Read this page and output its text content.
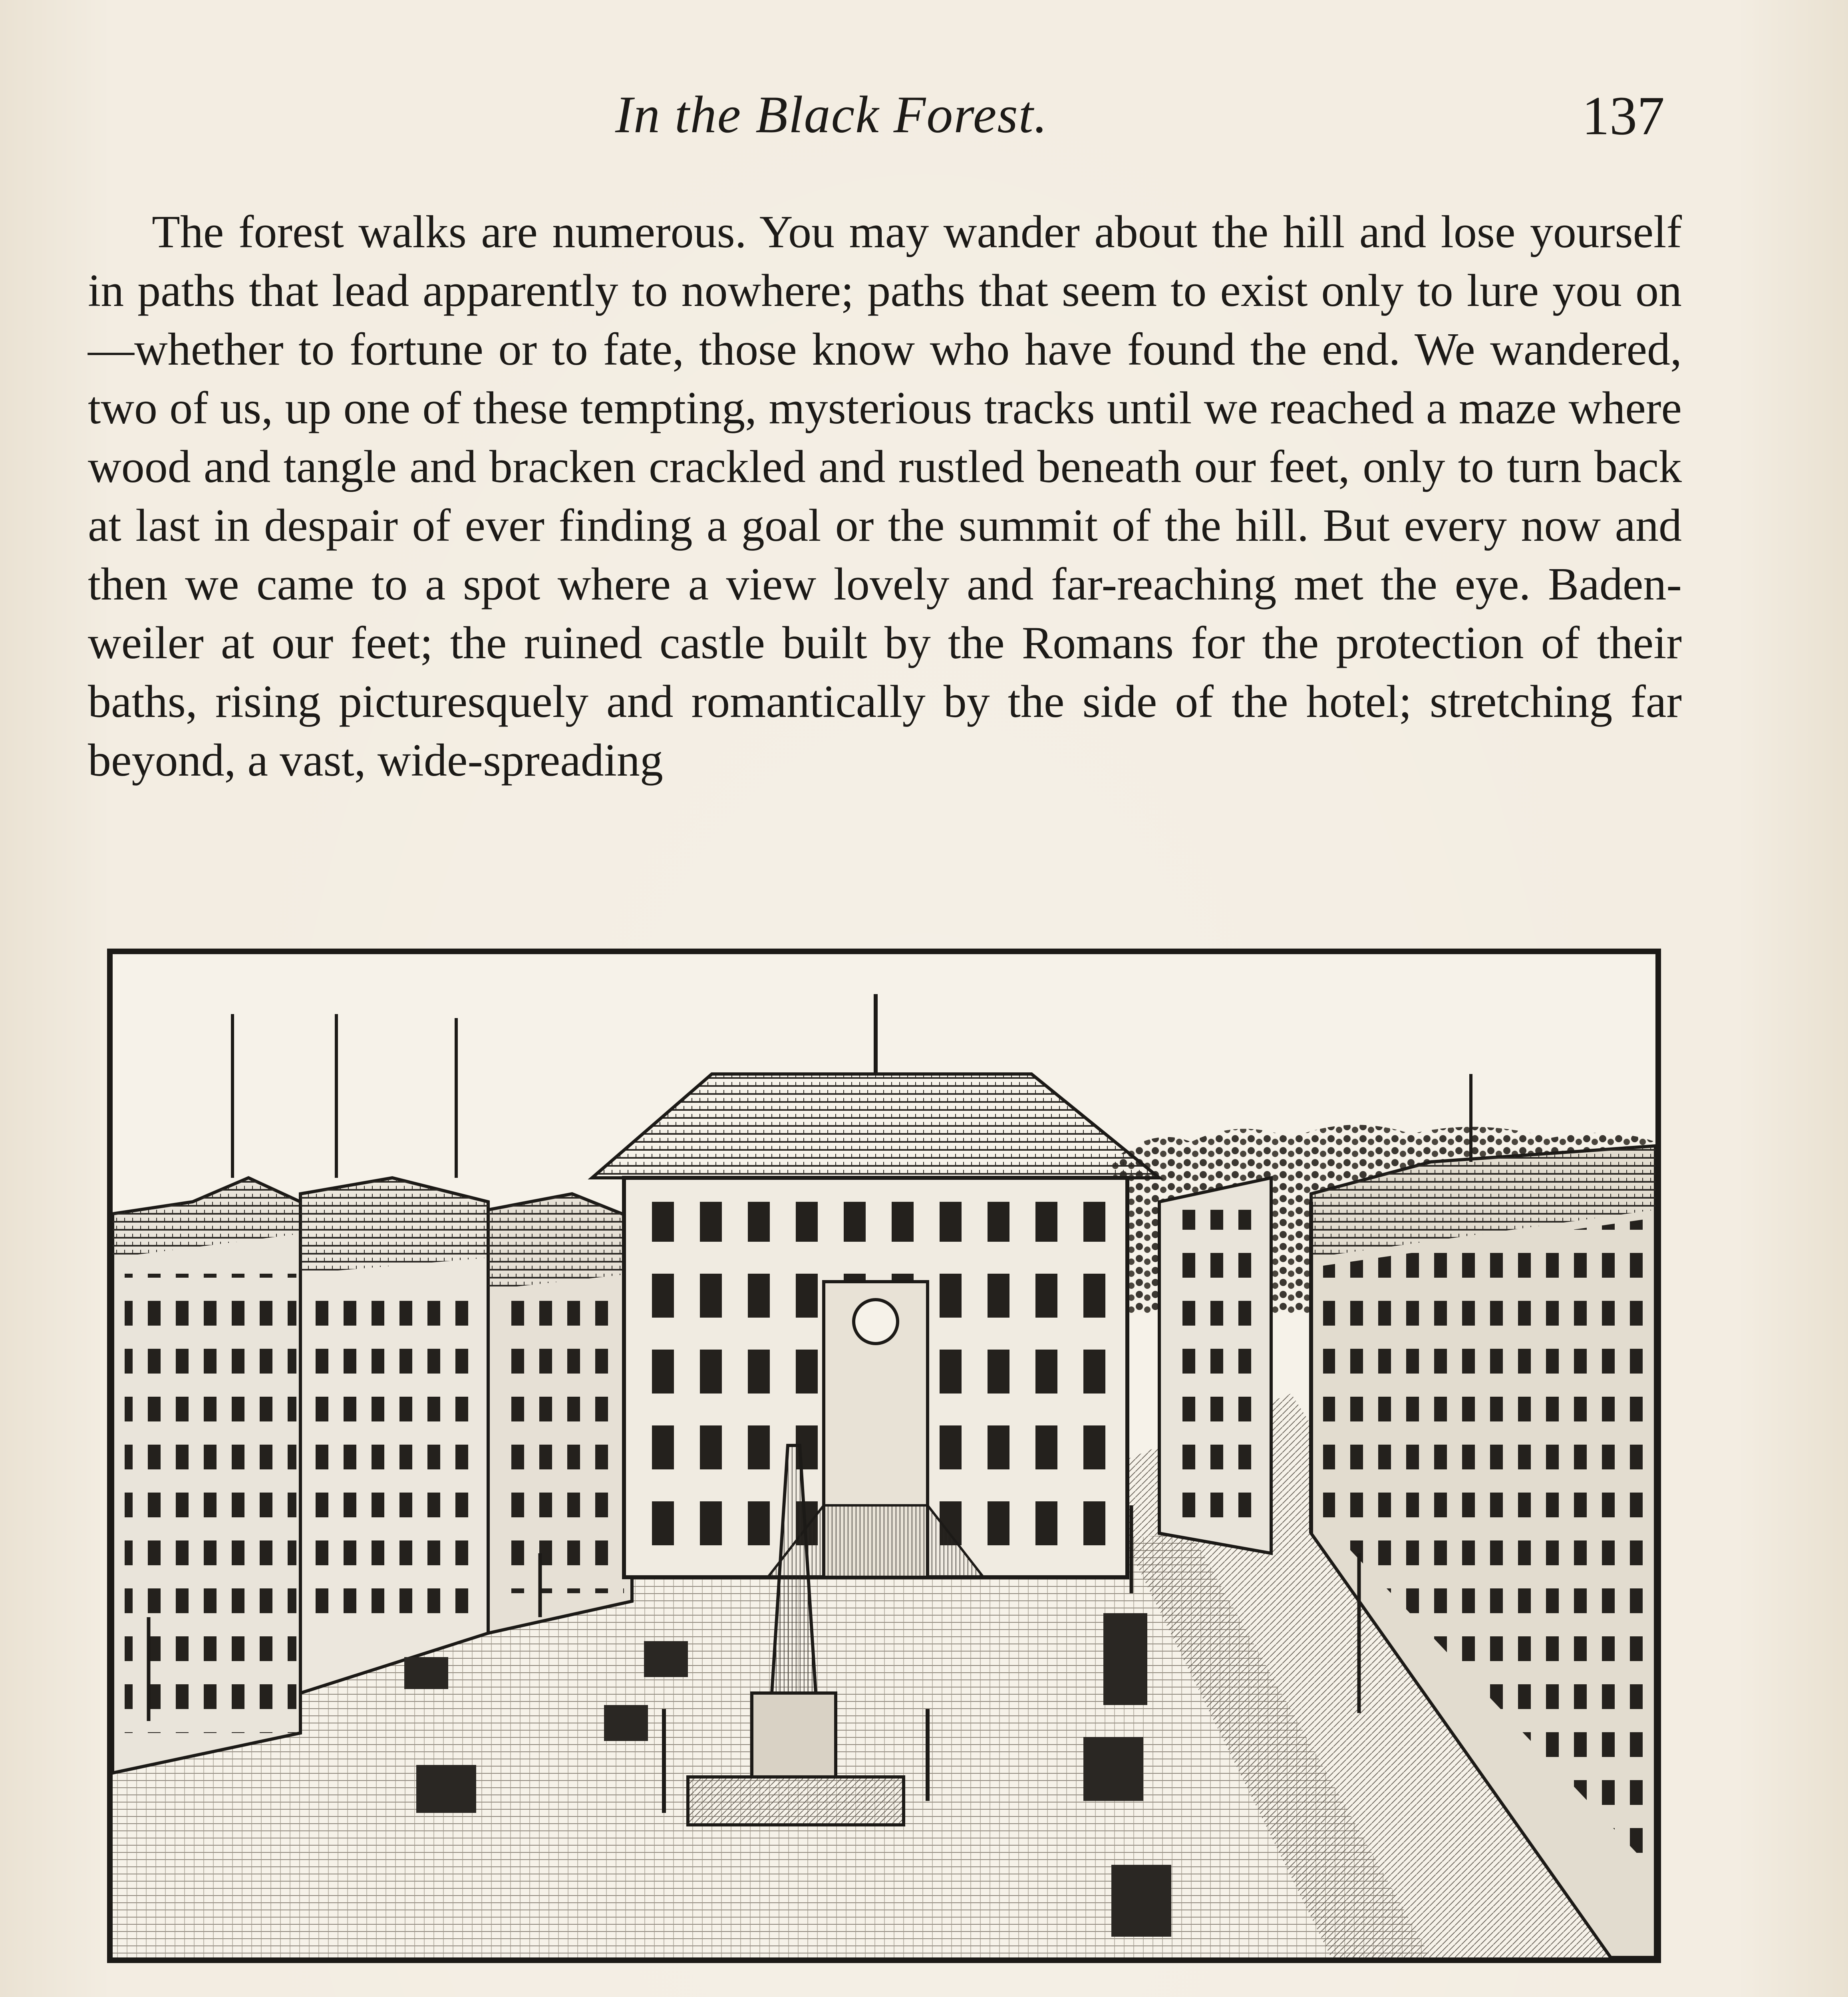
In the Black Forest.	137

The forest walks are numerous. You may wander about the hill and lose yourself in paths that lead apparently to nowhere; paths that seem to exist only to lure you on—whether to fortune or to fate, those know who have found the end. We wandered, two of us, up one of these tempting, mysterious tracks until we reached a maze where wood and tangle and bracken crackled and rustled beneath our feet, only to turn back at last in despair of ever finding a goal or the summit of the hill. But every now and then we came to a spot where a view lovely and far-reaching met the eye. Baden-weiler at our feet; the ruined castle built by the Romans for the protection of their baths, rising picturesquely and romantically by the side of the hotel; stretching far beyond, a vast, wide-spreading
